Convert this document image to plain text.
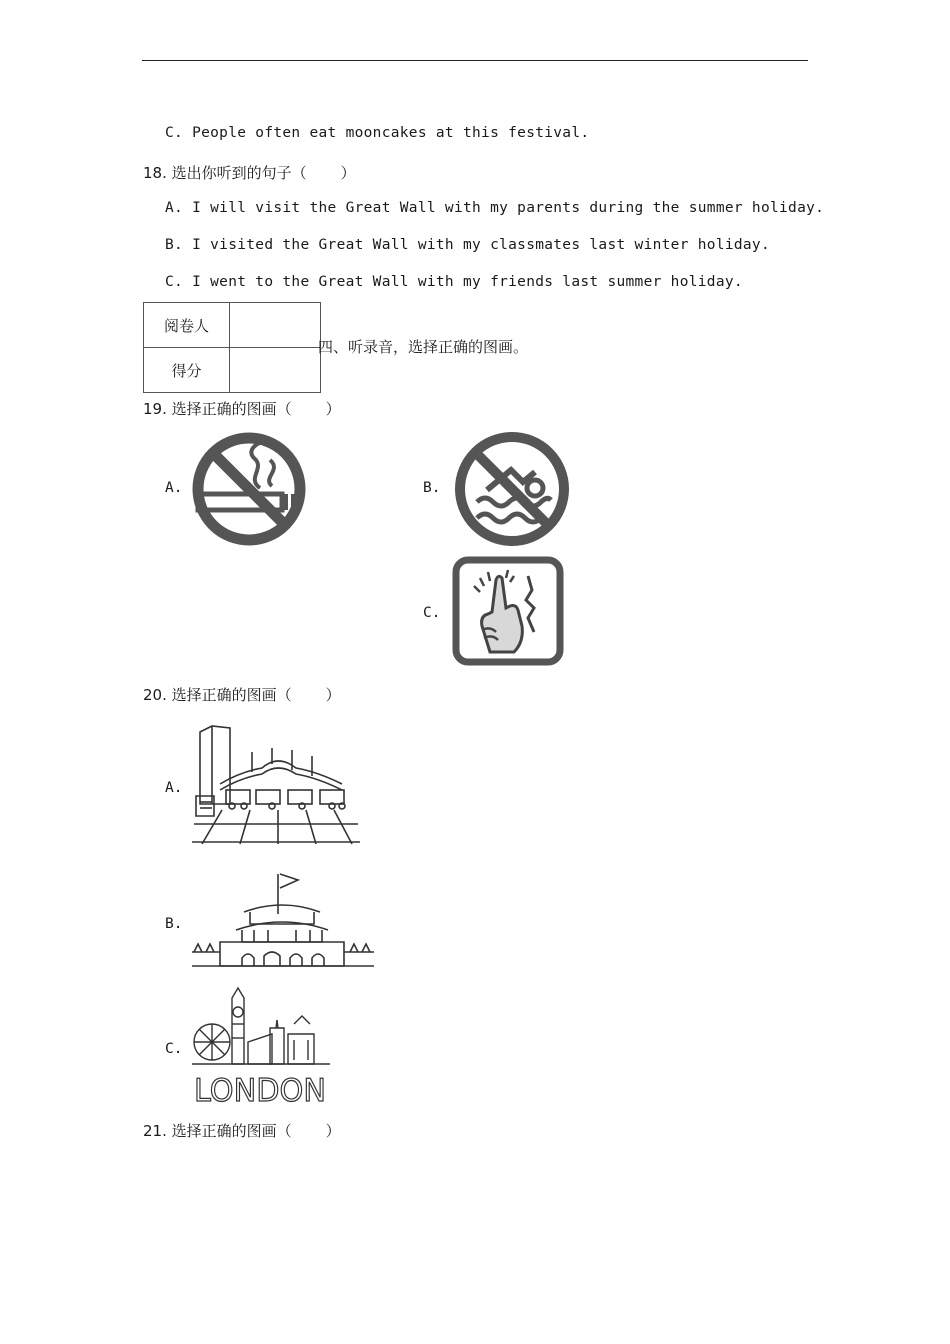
C. People often eat mooncakes at this festival.
18. 选出你听到的句子（ ）
A. I will visit the Great Wall with my parents during the summer holiday.
B. I visited the Great Wall with my classmates last winter holiday.
C. I went to the Great Wall with my friends last summer holiday.
阅卷人	
得分	
四、听录音，选择正确的图画。
19. 选择正确的图画（ ）
A.	B.
C.
20. 选择正确的图画（ ）
A.
B.
C.
LONDON
21. 选择正确的图画（ ）
